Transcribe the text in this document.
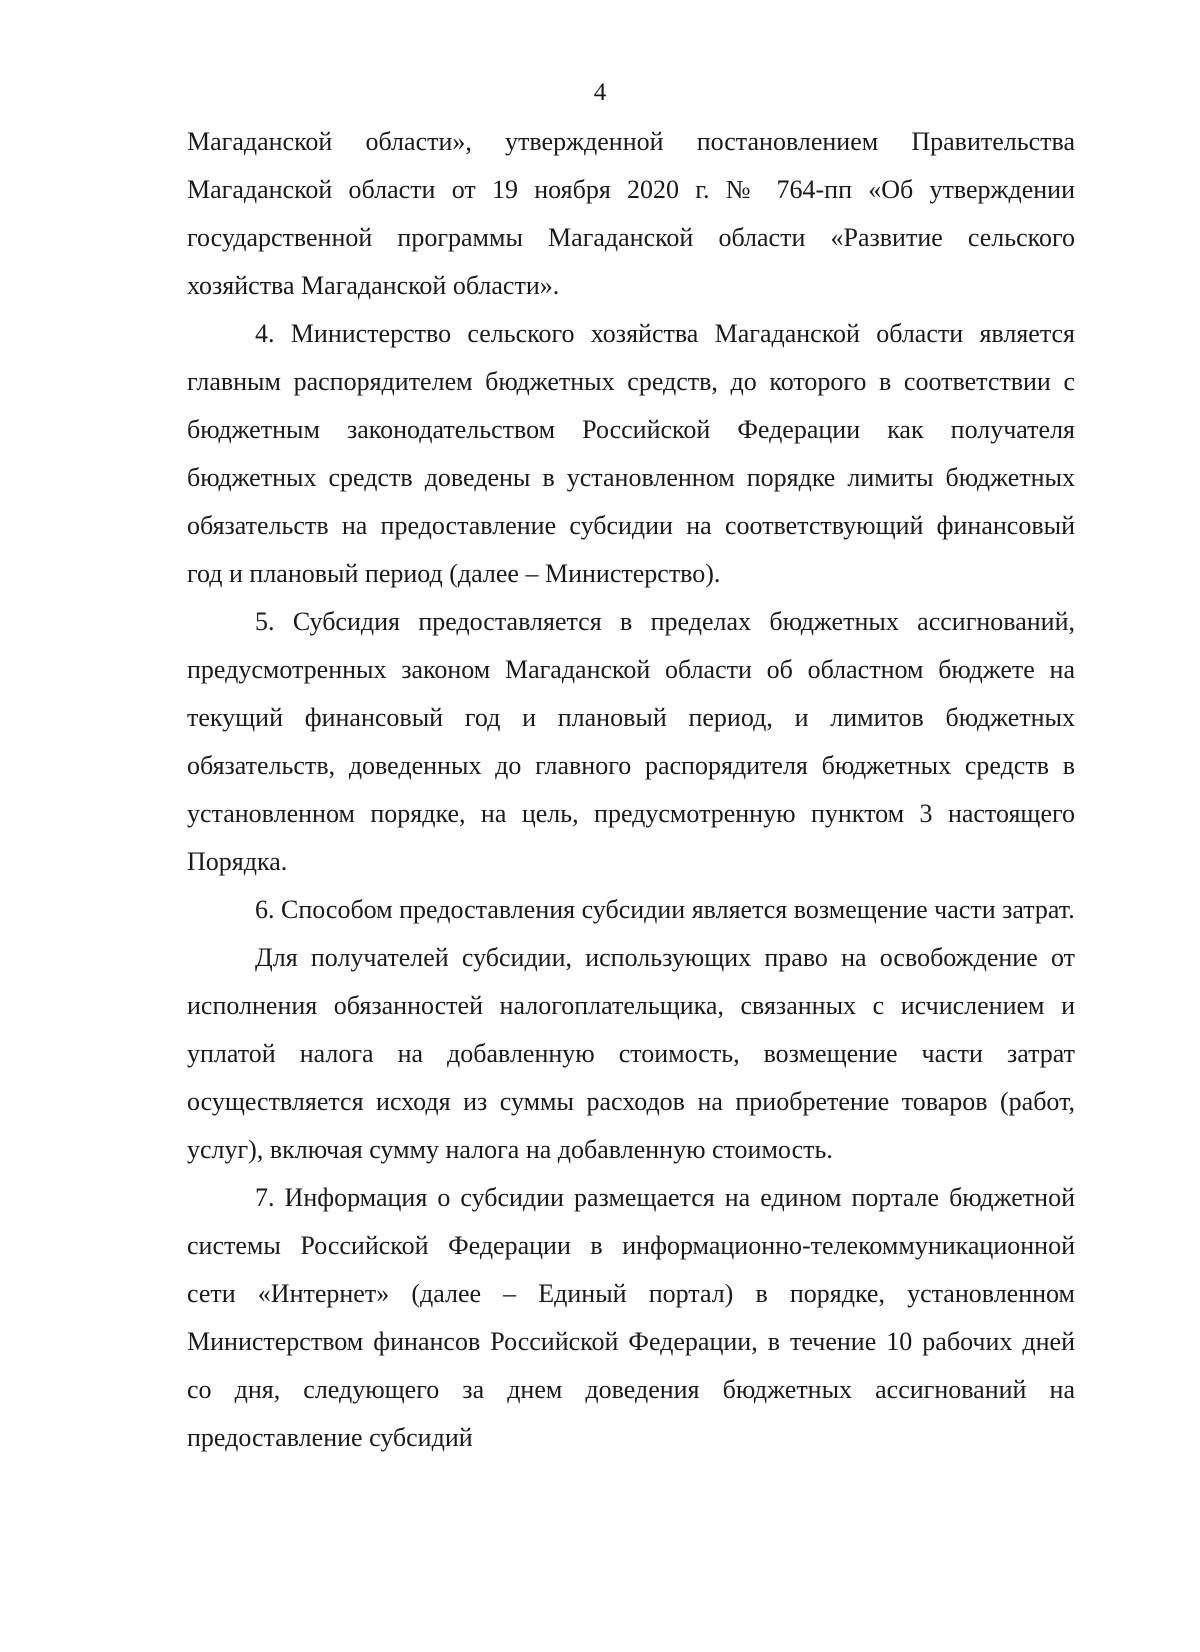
4

Магаданской области», утвержденной постановлением Правительства Магаданской области от 19 ноября 2020 г. № 764-пп «Об утверждении государственной программы Магаданской области «Развитие сельского хозяйства Магаданской области».

4. Министерство сельского хозяйства Магаданской области является главным распорядителем бюджетных средств, до которого в соответствии с бюджетным законодательством Российской Федерации как получателя бюджетных средств доведены в установленном порядке лимиты бюджетных обязательств на предоставление субсидии на соответствующий финансовый год и плановый период (далее – Министерство).

5. Субсидия предоставляется в пределах бюджетных ассигнований, предусмотренных законом Магаданской области об областном бюджете на текущий финансовый год и плановый период, и лимитов бюджетных обязательств, доведенных до главного распорядителя бюджетных средств в установленном порядке, на цель, предусмотренную пунктом 3 настоящего Порядка.

6. Способом предоставления субсидии является возмещение части затрат.

Для получателей субсидии, использующих право на освобождение от исполнения обязанностей налогоплательщика, связанных с исчислением и уплатой налога на добавленную стоимость, возмещение части затрат осуществляется исходя из суммы расходов на приобретение товаров (работ, услуг), включая сумму налога на добавленную стоимость.

7. Информация о субсидии размещается на едином портале бюджетной системы Российской Федерации в информационно-телекоммуникационной сети «Интернет» (далее – Единый портал) в порядке, установленном Министерством финансов Российской Федерации, в течение 10 рабочих дней со дня, следующего за днем доведения бюджетных ассигнований на предоставление субсидий
